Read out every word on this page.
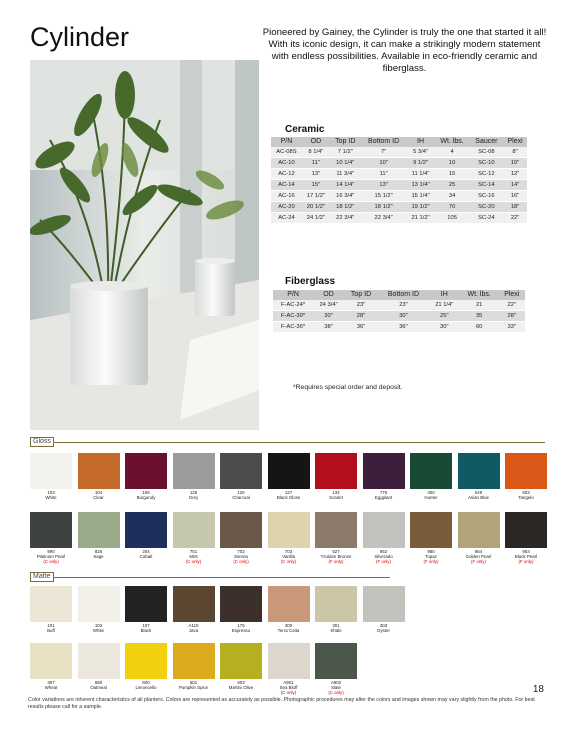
Cylinder	Pioneered by Gainey, the Cylinder is truly the one that started it all! With its iconic design, it can make a strikingly modern statement with endless possibilities. Available in eco-friendly ceramic and fiberglass.
Ceramic
P/N	OD	Top ID	Bottom ID	IH	Wt. lbs.	Saucer	Plexi
AC-08S	8 1/4"	7 1/2"	7"	5 3/4"	4	SC-08	8"
AC-10	11"	10 1/4"	10"	9 1/2"	10	SC-10	10"
AC-12	13"	11 3/4"	11"	11 1/4"	15	SC-12	12"
AC-14	15"	14 1/4"	13"	13 1/4"	25	SC-14	14"
AC-16	17 1/2"	16 3/4"	15 1/2"	15 1/4"	34	SC-16	16"
AC-20	20 1/2"	18 1/2"	18 1/2"	19 1/2"	70	SC-20	18"
AC-24	24 1/2"	22 3/4"	22 3/4"	21 1/2"	105	SC-24	22"
Fiberglass
P/N	OD	Top ID	Bottom ID	IH	Wt. lbs.	Plexi
F-AC-24*	24 3/4"	23"	23"	21 1/4"	21	22"
F-AC-30*	30"	28"	30"	25"	35	28"
F-AC-36*	38"	36"	36"	30"	60	33"
*Requires special order and deposit.
Gloss
Matte
103
White
104
Clear
106
Burgundy
125
Grey
126
Charcoal
127
Black Gloss
134
Scarlet
776
Eggplant
400
Hunter
549
Asian Blue
503
Tangelo
990
Platinum Pearl
(C only)
825
Sage
204
Cobalt
701
Mint
(C only)
702
Sienna
(C only)
703
Vanilla
(C only)
527
*Golden Bronze
(F only)
952
Silverado
(F only)
980
Topaz
(F only)
954
Golden Pearl
(F only)
953
Black Pearl
(F only)
101
Buff
102
White
107
Black
A110
Java
175
Espresso
300
Terra Cotta
301
Khaki
303
Oyster
307
Wheat
580
Oatmeal
600
Limoncello
601
Pumpkin Spice
603
Martini Olive
A901
Sea Bluff
(C only)
A902
Slate
(C only)	18
Color variations are inherent characteristics of all planters. Colors are represented as accurately as possible. Photographic procedures may alter the colors and images shown may vary slightly from the photo. For best results please call for a sample.
